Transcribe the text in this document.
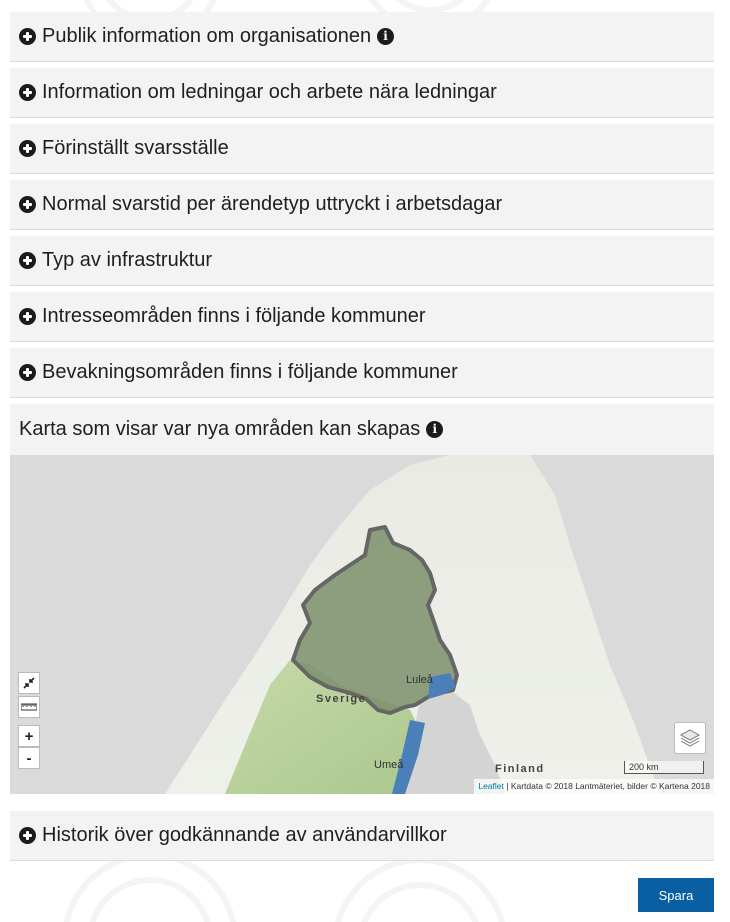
Publik information om organisationen	i
Information om ledningar och arbete nära ledningar
Förinställt svarsställe
Normal svarstid per ärendetyp uttryckt i arbetsdagar
Typ av infrastruktur
Intresseområden finns i följande kommuner
Bevakningsområden finns i följande kommuner
Karta som visar var nya områden kan skapas	i
Luleå
Sverige
Umeå	Finland
+
-
200 km
Leaflet | Kartdata © 2018 Lantmäteriet, bilder © Kartena 2018
Historik över godkännande av användarvillkor
Spara
